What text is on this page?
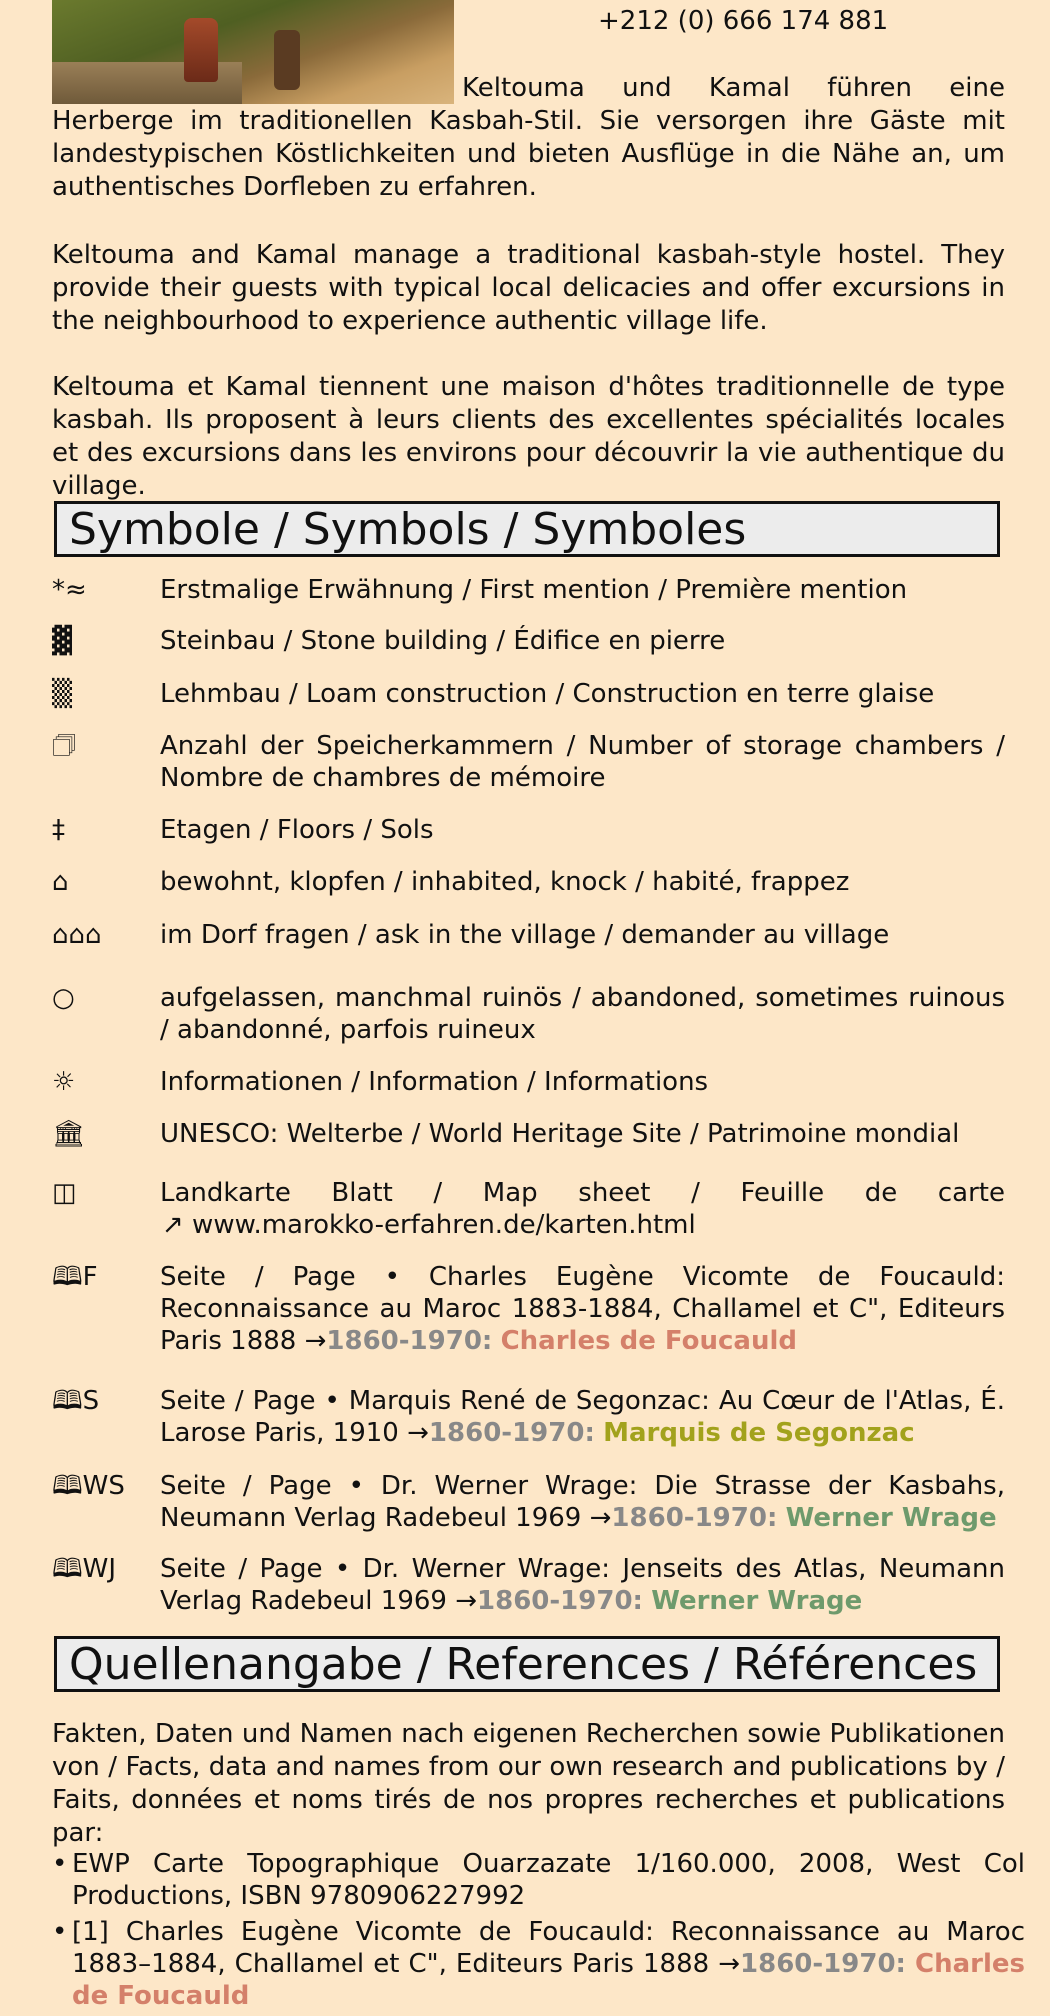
+212 (0) 666 174 881

Keltouma und Kamal führen eine Herberge im traditionellen Kasbah-Stil. Sie versorgen ihre Gäste mit landestypischen Köstlichkeiten und bieten Ausflüge in die Nähe an, um authentisches Dorfleben zu erfahren.

Keltouma and Kamal manage a traditional kasbah-style hostel. They provide their guests with typical local delicacies and offer excursions in the neighbourhood to experience authentic village life.

Keltouma et Kamal tiennent une maison d'hôtes traditionnelle de type kasbah. Ils proposent à leurs clients des excellentes spécialités locales et des excursions dans les environs pour découvrir la vie authentique du village.

Symbole / Symbols / Symboles
*≈	Erstmalige Erwähnung / First mention / Première mention
▓	Steinbau / Stone building / Édifice en pierre
▒	Lehmbau / Loam construction / Construction en terre glaise
🗇	Anzahl der Speicherkammern / Number of storage chambers / Nombre de chambres de mémoire
‡	Etagen / Floors / Sols
⌂	bewohnt, klopfen / inhabited, knock / habité, frappez
⌂⌂⌂	im Dorf fragen / ask in the village / demander au village
○	aufgelassen, manchmal ruinös / abandoned, sometimes ruinous / abandonné, parfois ruineux
☼	Informationen / Information / Informations
🏛	UNESCO: Welterbe / World Heritage Site / Patrimoine mondial
◫	Landkarte Blatt / Map sheet / Feuille de carte
↗ www.marokko-erfahren.de/karten.html
🕮F	Seite / Page • Charles Eugène Vicomte de Foucauld: Reconnaissance au Maroc 1883-1884, Challamel et C", Editeurs Paris 1888 →1860-1970: Charles de Foucauld
🕮S	Seite / Page • Marquis René de Segonzac: Au Cœur de l'Atlas, É. Larose Paris, 1910 →1860-1970: Marquis de Segonzac
🕮WS	Seite / Page • Dr. Werner Wrage: Die Strasse der Kasbahs, Neumann Verlag Radebeul 1969 →1860-1970: Werner Wrage
🕮WJ	Seite / Page • Dr. Werner Wrage: Jenseits des Atlas, Neumann Verlag Radebeul 1969 →1860-1970: Werner Wrage
Quellenangabe / References / Références

Fakten, Daten und Namen nach eigenen Recherchen sowie Publikationen von / Facts, data and names from our own research and publications by / Faits, données et noms tirés de nos propres recherches et publications par:

• EWP Carte Topographique Ouarzazate 1/160.000, 2008, West Col Productions, ISBN 9780906227992
• [1] Charles Eugène Vicomte de Foucauld: Reconnaissance au Maroc 1883–1884, Challamel et C", Editeurs Paris 1888 →1860-1970: Charles de Foucauld
